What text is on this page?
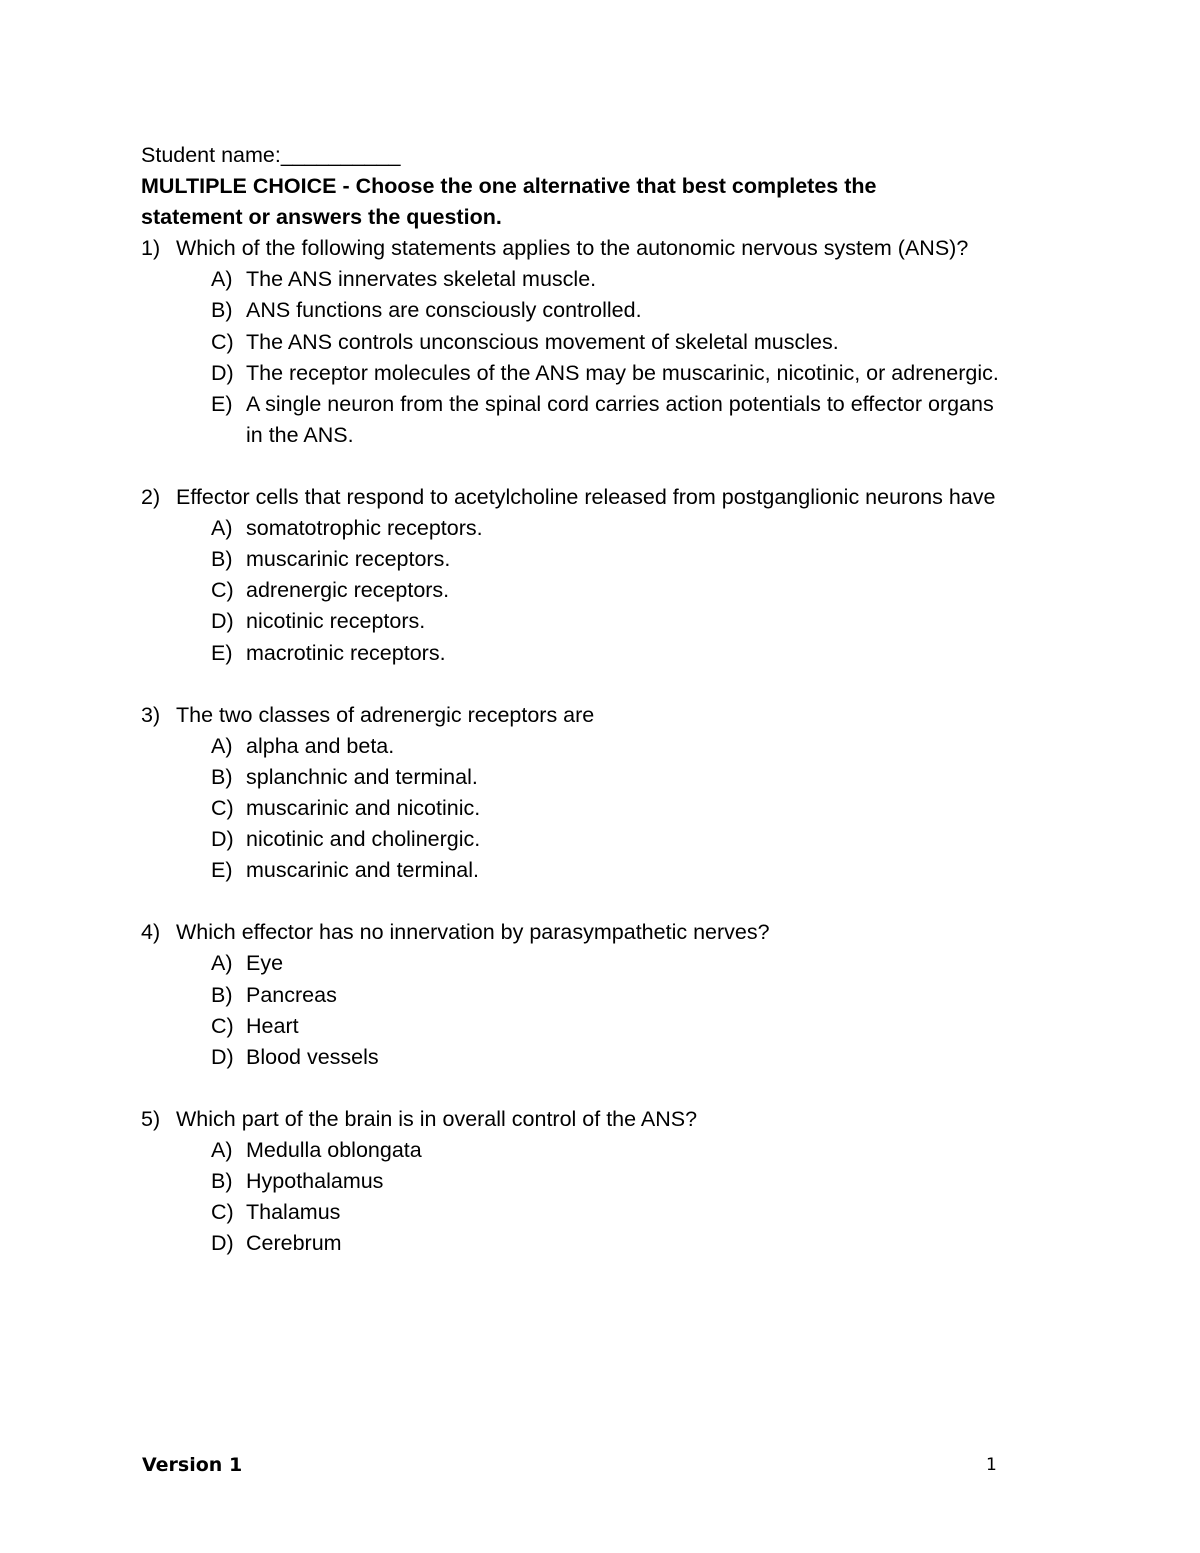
Student name:__________
MULTIPLE CHOICE - Choose the one alternative that best completes the statement or answers the question.
1) Which of the following statements applies to the autonomic nervous system (ANS)?
A) The ANS innervates skeletal muscle.
B) ANS functions are consciously controlled.
C) The ANS controls unconscious movement of skeletal muscles.
D) The receptor molecules of the ANS may be muscarinic, nicotinic, or adrenergic.
E) A single neuron from the spinal cord carries action potentials to effector organs in the ANS.
2) Effector cells that respond to acetylcholine released from postganglionic neurons have
A) somatotrophic receptors.
B) muscarinic receptors.
C) adrenergic receptors.
D) nicotinic receptors.
E) macrotinic receptors.
3) The two classes of adrenergic receptors are
A) alpha and beta.
B) splanchnic and terminal.
C) muscarinic and nicotinic.
D) nicotinic and cholinergic.
E) muscarinic and terminal.
4) Which effector has no innervation by parasympathetic nerves?
A) Eye
B) Pancreas
C) Heart
D) Blood vessels
5) Which part of the brain is in overall control of the ANS?
A) Medulla oblongata
B) Hypothalamus
C) Thalamus
D) Cerebrum
Version 1	1
